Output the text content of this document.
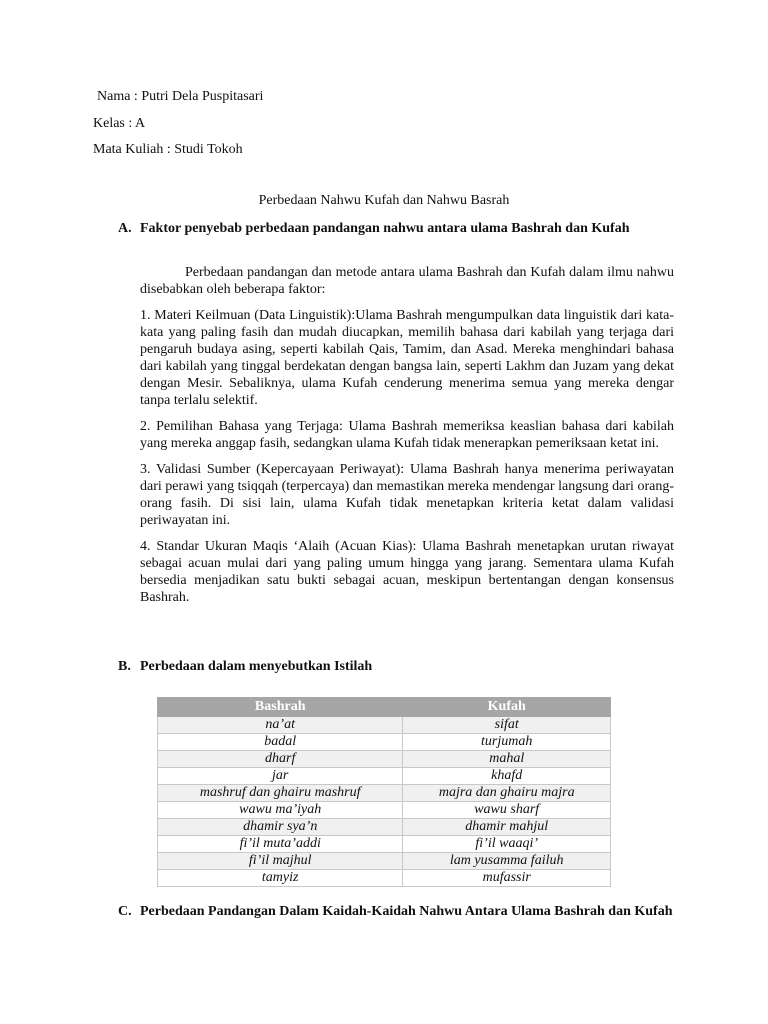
Nama : Putri Dela Puspitasari
Kelas : A
Mata Kuliah : Studi Tokoh
Perbedaan Nahwu Kufah dan Nahwu Basrah
A. Faktor penyebab perbedaan pandangan nahwu antara ulama Bashrah dan Kufah

Perbedaan pandangan dan metode antara ulama Bashrah dan Kufah dalam ilmu nahwu disebabkan oleh beberapa faktor:

1. Materi Keilmuan (Data Linguistik):Ulama Bashrah mengumpulkan data linguistik dari kata-kata yang paling fasih dan mudah diucapkan, memilih bahasa dari kabilah yang terjaga dari pengaruh budaya asing, seperti kabilah Qais, Tamim, dan Asad. Mereka menghindari bahasa dari kabilah yang tinggal berdekatan dengan bangsa lain, seperti Lakhm dan Juzam yang dekat dengan Mesir. Sebaliknya, ulama Kufah cenderung menerima semua yang mereka dengar tanpa terlalu selektif.

2. Pemilihan Bahasa yang Terjaga: Ulama Bashrah memeriksa keaslian bahasa dari kabilah yang mereka anggap fasih, sedangkan ulama Kufah tidak menerapkan pemeriksaan ketat ini.

3. Validasi Sumber (Kepercayaan Periwayat): Ulama Bashrah hanya menerima periwayatan dari perawi yang tsiqqah (terpercaya) dan memastikan mereka mendengar langsung dari orang-orang fasih. Di sisi lain, ulama Kufah tidak menetapkan kriteria ketat dalam validasi periwayatan ini.

4. Standar Ukuran Maqis ‘Alaih (Acuan Kias): Ulama Bashrah menetapkan urutan riwayat sebagai acuan mulai dari yang paling umum hingga yang jarang. Sementara ulama Kufah bersedia menjadikan satu bukti sebagai acuan, meskipun bertentangan dengan konsensus Bashrah.

B. Perbedaan dalam menyebutkan Istilah
Bashrah	Kufah
na’at	sifat
badal	turjumah
dharf	mahal
jar	khafd
mashruf dan ghairu mashruf	majra dan ghairu majra
wawu ma’iyah	wawu sharf
dhamir sya’n	dhamir mahjul
fi’il muta’addi	fi’il waaqi’
fi’il majhul	lam yusamma failuh
tamyiz	mufassir
C. Perbedaan Pandangan Dalam Kaidah-Kaidah Nahwu Antara Ulama Bashrah dan Kufah
